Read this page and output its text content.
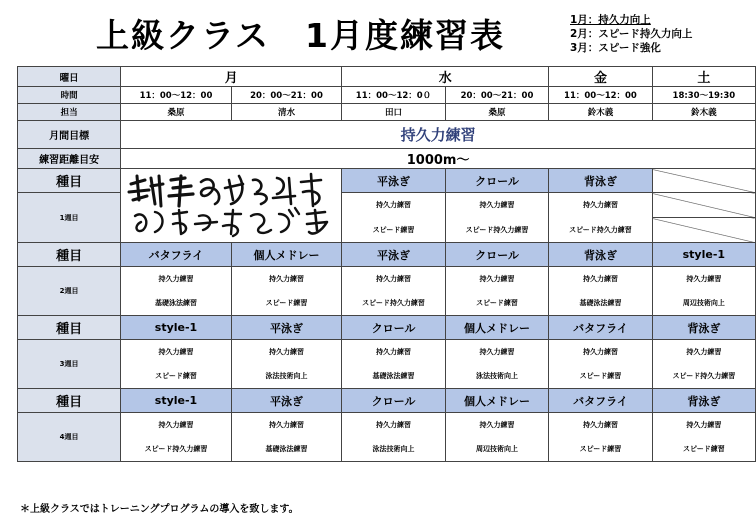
上級クラス　1月度練習表	1月：持久力向上
2月：スピード持久力向上
3月：スピード強化
曜日	月		水		金	土
時間	11：00～12：00	20：00～21：00	11：00～12：0０	20：00～21：00	11：00～12：00	18:30～19:30
担当	桑原	清水	田口	桑原	鈴木義	鈴木義
月間目標	持久力練習					
練習距離目安	1000m～					
種目			平泳ぎ	クロール	背泳ぎ	
1週目			持久力練習	持久力練習	持久力練習	
			スピード練習	スピード持久力練習	スピード持久力練習	
種目	バタフライ	個人メドレー	平泳ぎ	クロール	背泳ぎ	style-1
2週目	持久力練習	持久力練習	持久力練習	持久力練習	持久力練習	持久力練習
	基礎泳法練習	スピード練習	スピード持久力練習	スピード練習	基礎泳法練習	周辺技術向上
種目	style-1	平泳ぎ	クロール	個人メドレー	バタフライ	背泳ぎ
3週目	持久力練習	持久力練習	持久力練習	持久力練習	持久力練習	持久力練習
	スピード練習	泳法技術向上	基礎泳法練習	泳法技術向上	スピード練習	スピード持久力練習
種目	style-1	平泳ぎ	クロール	個人メドレー	バタフライ	背泳ぎ
4週目	持久力練習	持久力練習	持久力練習	持久力練習	持久力練習	持久力練習
	スピード持久力練習	基礎泳法練習	泳法技術向上	周辺技術向上	スピード練習	スピード練習
＊上級クラスではトレーニングプログラムの導入を致します。
